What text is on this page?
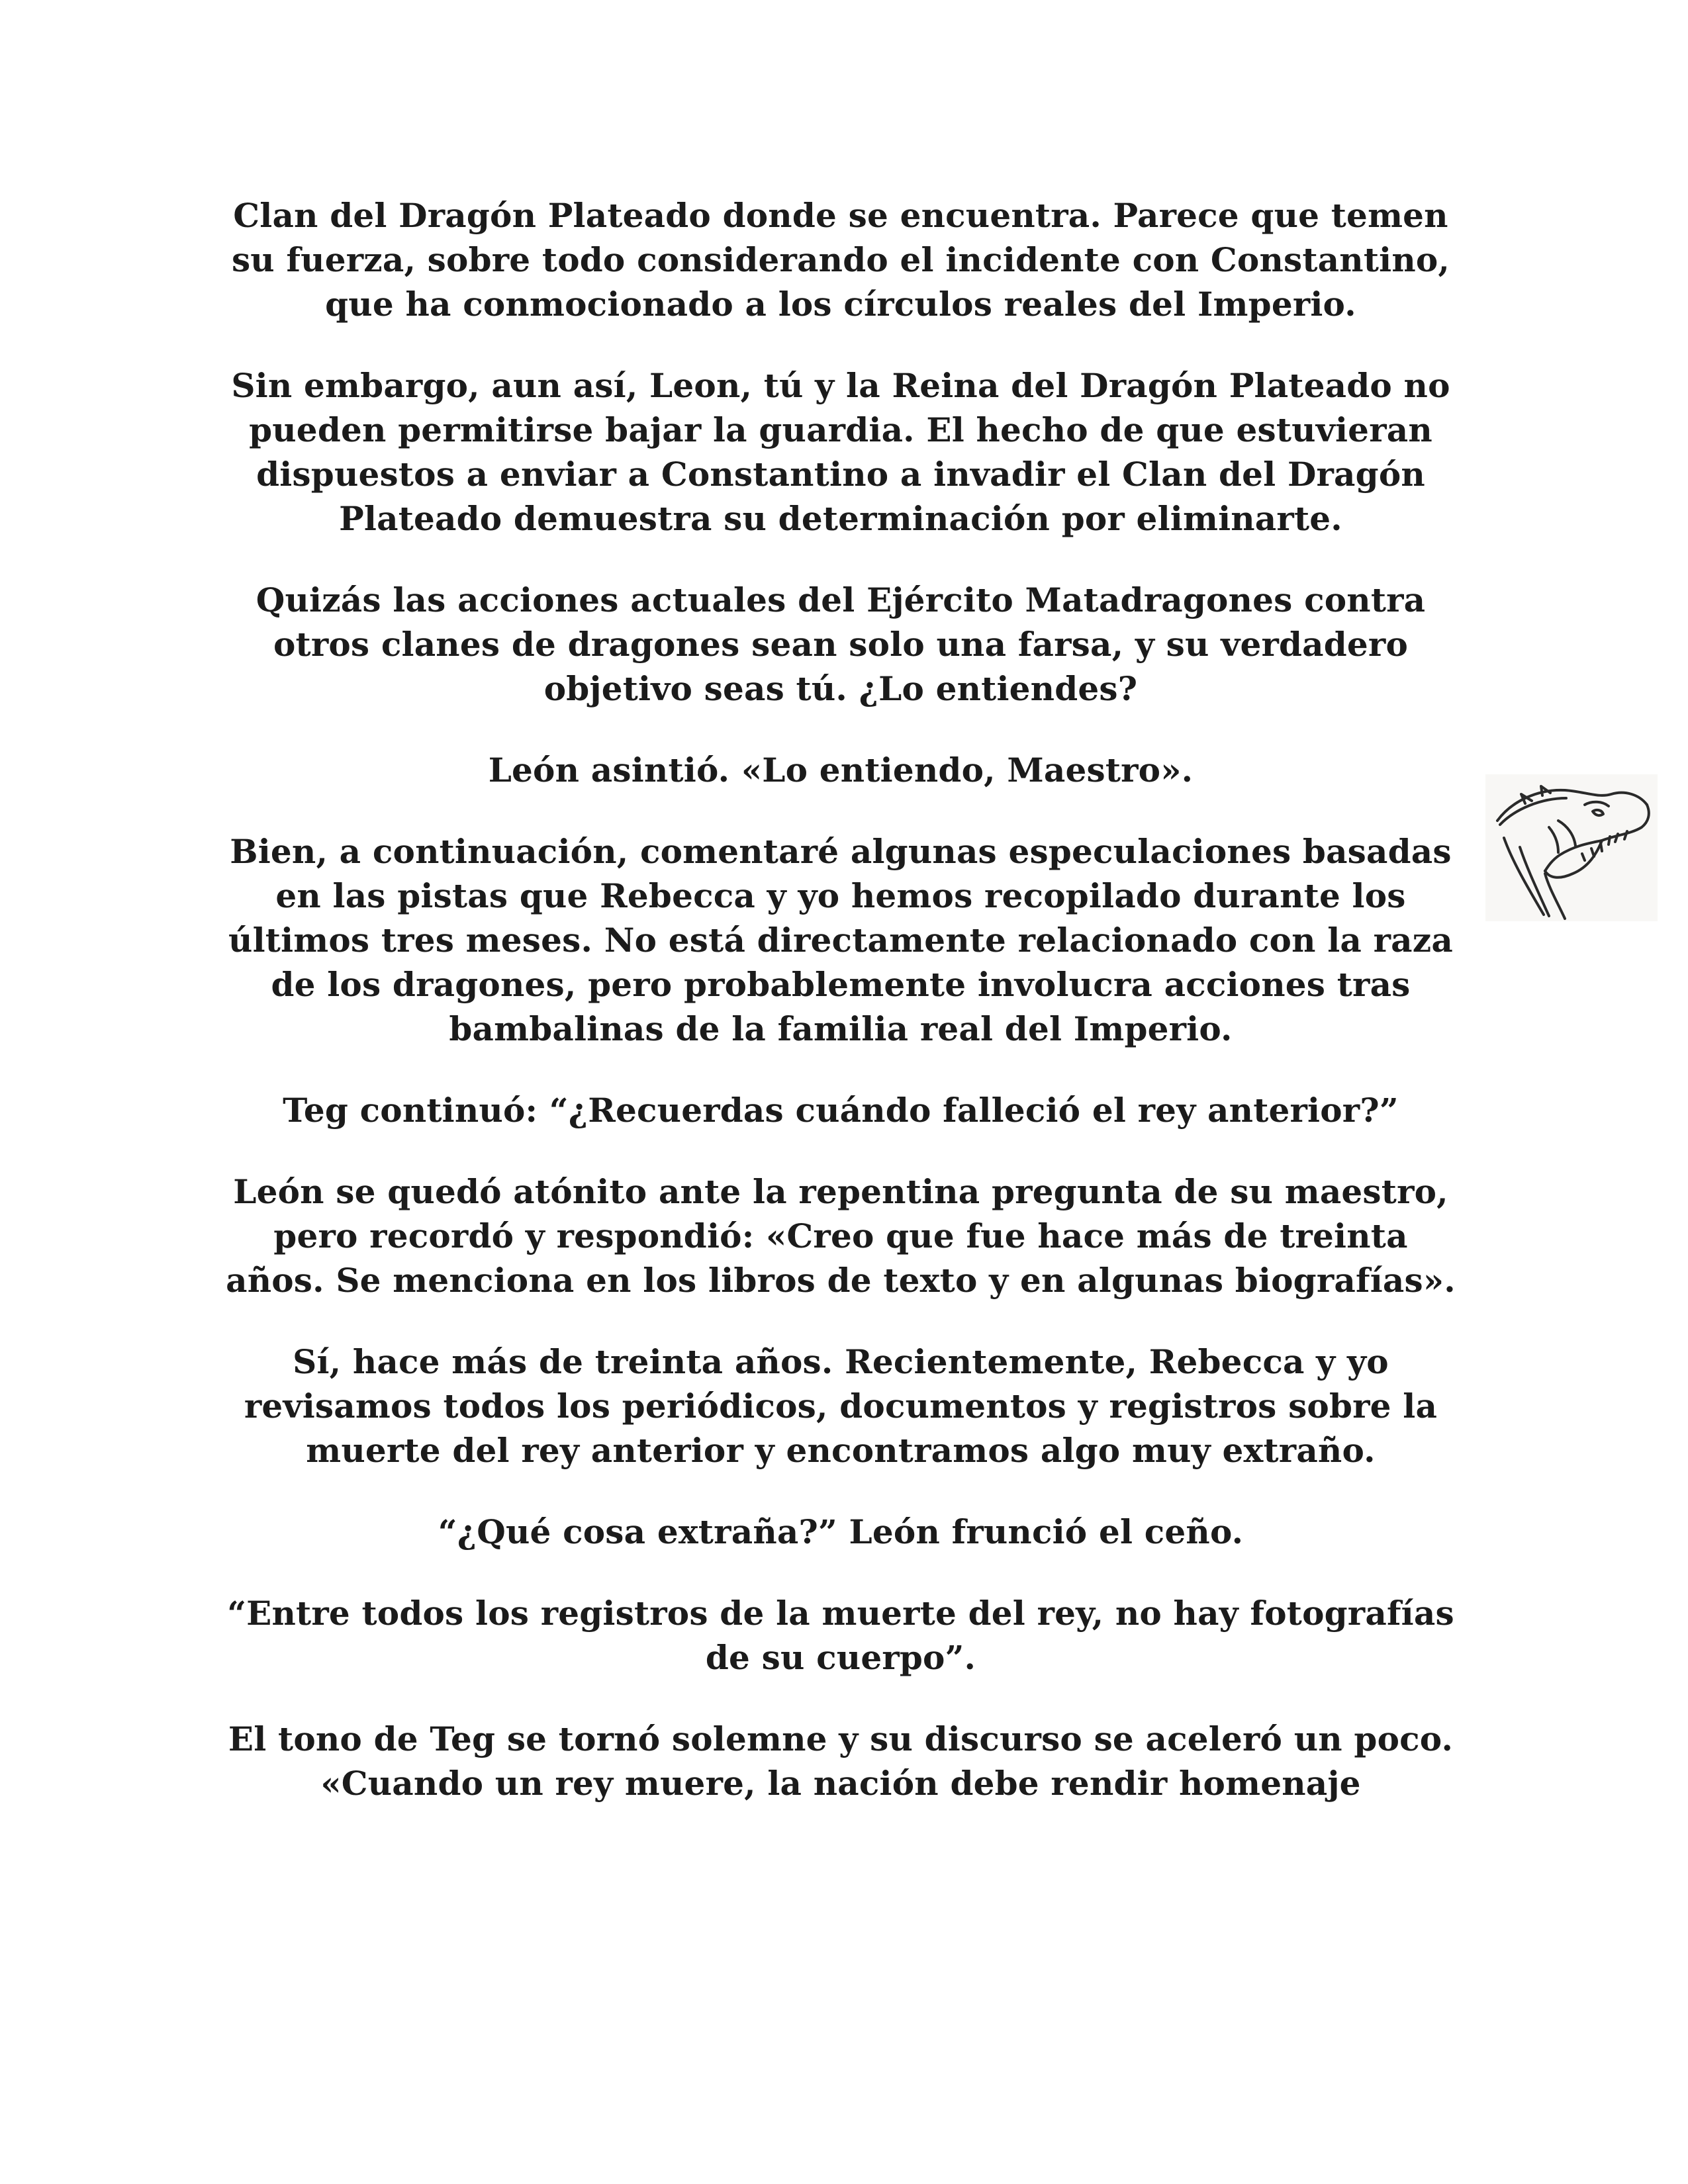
Clan del Dragón Plateado donde se encuentra. Parece que temen su fuerza, sobre todo considerando el incidente con Constantino, que ha conmocionado a los círculos reales del Imperio.

Sin embargo, aun así, Leon, tú y la Reina del Dragón Plateado no pueden permitirse bajar la guardia. El hecho de que estuvieran dispuestos a enviar a Constantino a invadir el Clan del Dragón Plateado demuestra su determinación por eliminarte.

Quizás las acciones actuales del Ejército Matadragones contra otros clanes de dragones sean solo una farsa, y su verdadero objetivo seas tú. ¿Lo entiendes?

León asintió. «Lo entiendo, Maestro».

Bien, a continuación, comentaré algunas especulaciones basadas en las pistas que Rebecca y yo hemos recopilado durante los últimos tres meses. No está directamente relacionado con la raza de los dragones, pero probablemente involucra acciones tras bambalinas de la familia real del Imperio.

Teg continuó: “¿Recuerdas cuándo falleció el rey anterior?”

León se quedó atónito ante la repentina pregunta de su maestro, pero recordó y respondió: «Creo que fue hace más de treinta años. Se menciona en los libros de texto y en algunas biografías».

Sí, hace más de treinta años. Recientemente, Rebecca y yo revisamos todos los periódicos, documentos y registros sobre la muerte del rey anterior y encontramos algo muy extraño.

“¿Qué cosa extraña?” León frunció el ceño.

“Entre todos los registros de la muerte del rey, no hay fotografías de su cuerpo”.

El tono de Teg se tornó solemne y su discurso se aceleró un poco. «Cuando un rey muere, la nación debe rendir homenaje
